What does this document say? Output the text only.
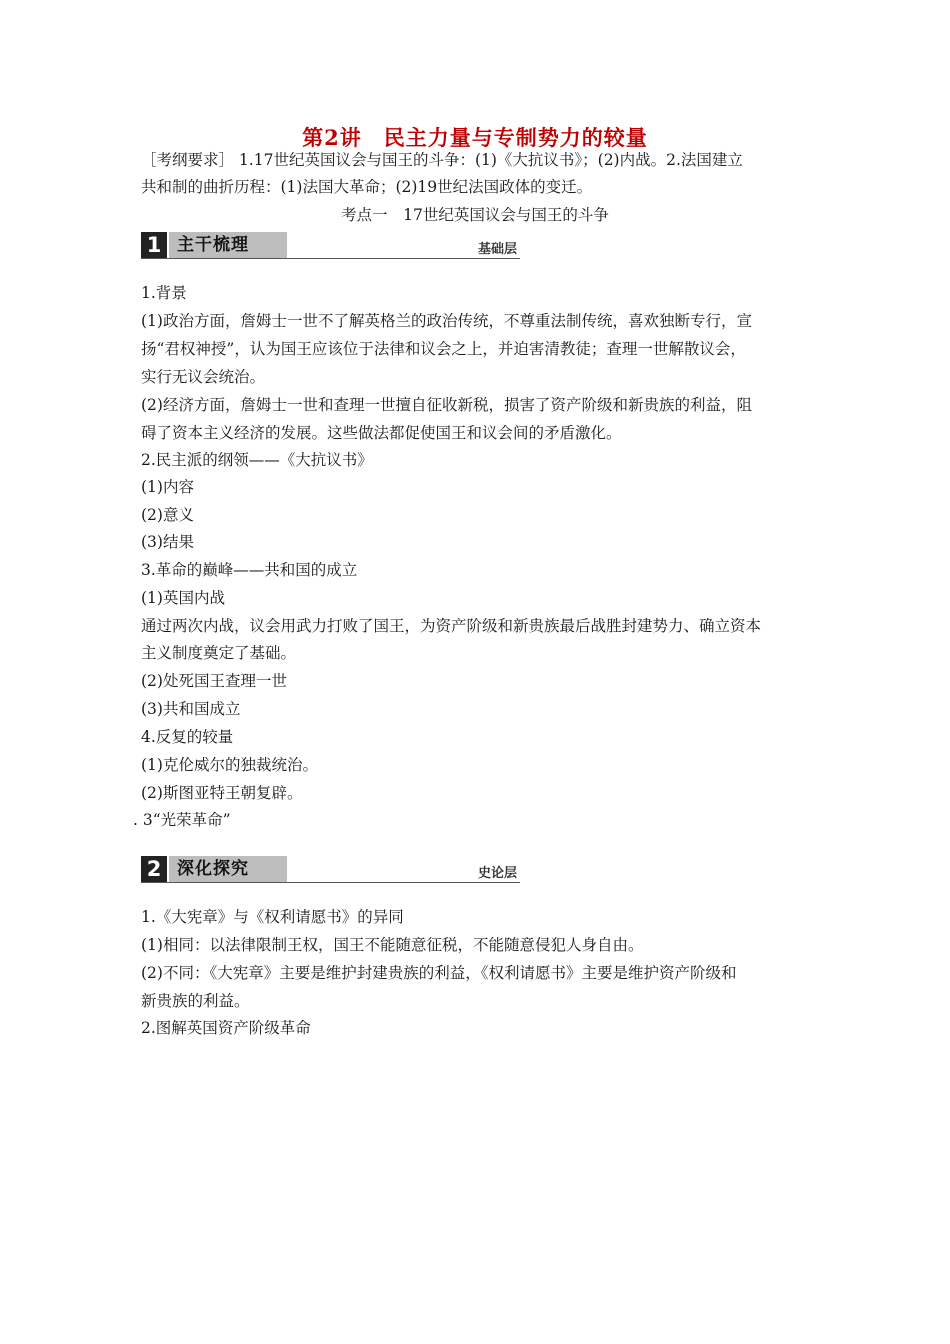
第2讲　民主力量与专制势力的较量
［考纲要求］ 1.17世纪英国议会与国王的斗争：(1)《大抗议书》；(2)内战。2.法国建立
共和制的曲折历程：(1)法国大革命；(2)19世纪法国政体的变迁。
考点一　17世纪英国议会与国王的斗争
1 主干梳理	基础层
1.背景
(1)政治方面，詹姆士一世不了解英格兰的政治传统，不尊重法制传统，喜欢独断专行，宣
扬“君权神授”，认为国王应该位于法律和议会之上，并迫害清教徒；查理一世解散议会，
实行无议会统治。
(2)经济方面，詹姆士一世和查理一世擅自征收新税，损害了资产阶级和新贵族的利益，阻
碍了资本主义经济的发展。这些做法都促使国王和议会间的矛盾激化。
2.民主派的纲领——《大抗议书》
(1)内容
(2)意义
(3)结果
3.革命的巅峰——共和国的成立
(1)英国内战
通过两次内战，议会用武力打败了国王，为资产阶级和新贵族最后战胜封建势力、确立资本
主义制度奠定了基础。
(2)处死国王查理一世
(3)共和国成立
4.反复的较量
(1)克伦威尔的独裁统治。
(2)斯图亚特王朝复辟。
. 3“光荣革命”
2 深化探究	史论层
1.《大宪章》与《权利请愿书》的异同
(1)相同：以法律限制王权，国王不能随意征税，不能随意侵犯人身自由。
(2)不同：《大宪章》主要是维护封建贵族的利益，《权利请愿书》主要是维护资产阶级和
新贵族的利益。
2.图解英国资产阶级革命
